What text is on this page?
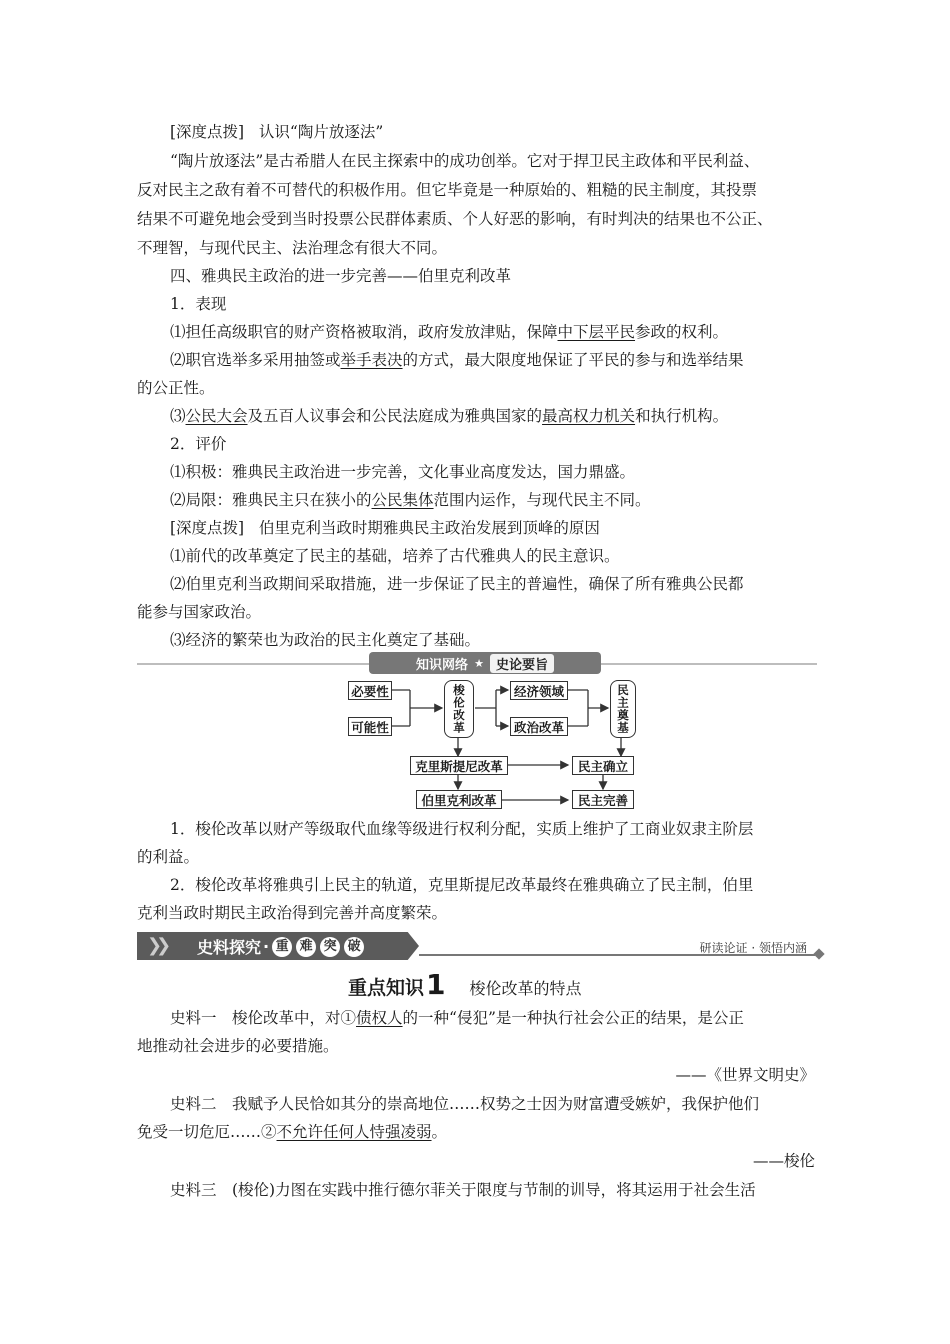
[深度点拨] 认识“陶片放逐法”
“陶片放逐法”是古希腊人在民主探索中的成功创举。它对于捍卫民主政体和平民利益、
反对民主之敌有着不可替代的积极作用。但它毕竟是一种原始的、粗糙的民主制度，其投票
结果不可避免地会受到当时投票公民群体素质、个人好恶的影响，有时判决的结果也不公正、
不理智，与现代民主、法治理念有很大不同。
四、雅典民主政治的进一步完善——伯里克利改革
1．表现
⑴担任高级职官的财产资格被取消，政府发放津贴，保障中下层平民参政的权利。
⑵职官选举多采用抽签或举手表决的方式，最大限度地保证了平民的参与和选举结果
的公正性。
⑶公民大会及五百人议事会和公民法庭成为雅典国家的最高权力机关和执行机构。
2．评价
⑴积极：雅典民主政治进一步完善，文化事业高度发达，国力鼎盛。
⑵局限：雅典民主只在狭小的公民集体范围内运作，与现代民主不同。
[深度点拨] 伯里克利当政时期雅典民主政治发展到顶峰的原因
⑴前代的改革奠定了民主的基础，培养了古代雅典人的民主意识。
⑵伯里克利当政期间采取措施，进一步保证了民主的普遍性，确保了所有雅典公民都
能参与国家政治。
⑶经济的繁荣也为政治的民主化奠定了基础。
知识网络 ★ 史论要旨
必要性
可能性	梭伦改革	经济领域
政治改革	民主奠基
克里斯提尼改革	民主确立
伯里克利改革	民主完善
1．梭伦改革以财产等级取代血缘等级进行权利分配，实质上维护了工商业奴隶主阶层
的利益。
2．梭伦改革将雅典引上民主的轨道，克里斯提尼改革最终在雅典确立了民主制，伯里
克利当政时期民主政治得到完善并高度繁荣。
❯❯ 史料探究 · 重 难 突 破	研读论证 · 领悟内涵
重点知识1 梭伦改革的特点
史料一　梭伦改革中，对①债权人的一种“侵犯”是一种执行社会公正的结果，是公正
地推动社会进步的必要措施。
——《世界文明史》
史料二　我赋予人民恰如其分的崇高地位……权势之士因为财富遭受嫉妒，我保护他们
免受一切危厄……②不允许任何人恃强凌弱。
——梭伦
史料三　(梭伦)力图在实践中推行德尔菲关于限度与节制的训导，将其运用于社会生活
